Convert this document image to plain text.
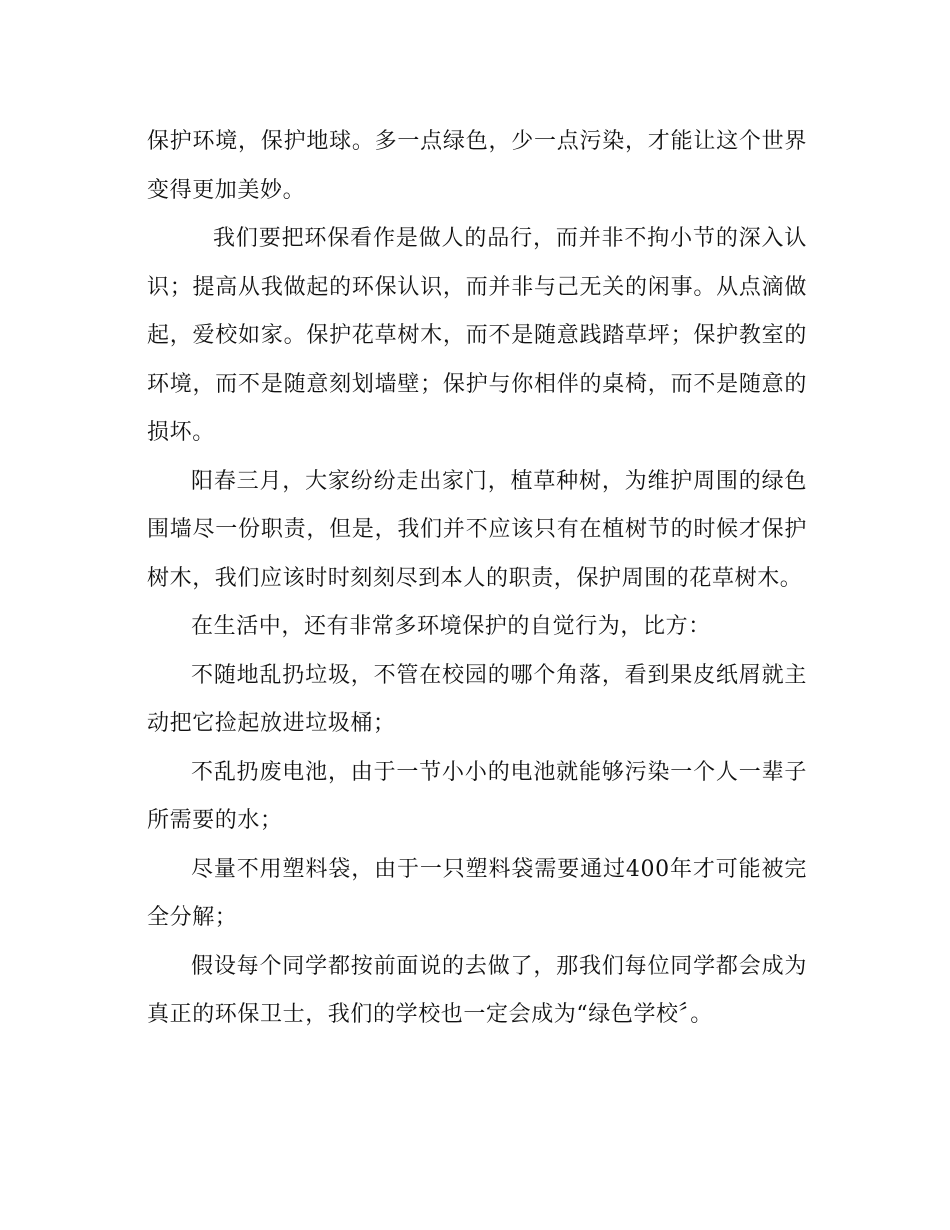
保护环境，保护地球。多一点绿色，少一点污染，才能让这个世界变得更加美妙。

我们要把环保看作是做人的品行，而并非不拘小节的深入认识；提高从我做起的环保认识，而并非与己无关的闲事。从点滴做起，爱校如家。保护花草树木，而不是随意践踏草坪；保护教室的环境，而不是随意刻划墙壁；保护与你相伴的桌椅，而不是随意的损坏。

阳春三月，大家纷纷走出家门，植草种树，为维护周围的绿色围墙尽一份职责，但是，我们并不应该只有在植树节的时候才保护树木，我们应该时时刻刻尽到本人的职责，保护周围的花草树木。

在生活中，还有非常多环境保护的自觉行为，比方：

不随地乱扔垃圾，不管在校园的哪个角落，看到果皮纸屑就主动把它捡起放进垃圾桶；

不乱扔废电池，由于一节小小的电池就能够污染一个人一辈子所需要的水；

尽量不用塑料袋，由于一只塑料袋需要通过400年才可能被完全分解；

假设每个同学都按前面说的去做了，那我们每位同学都会成为真正的环保卫士，我们的学校也一定会成为“绿色学校〞。
